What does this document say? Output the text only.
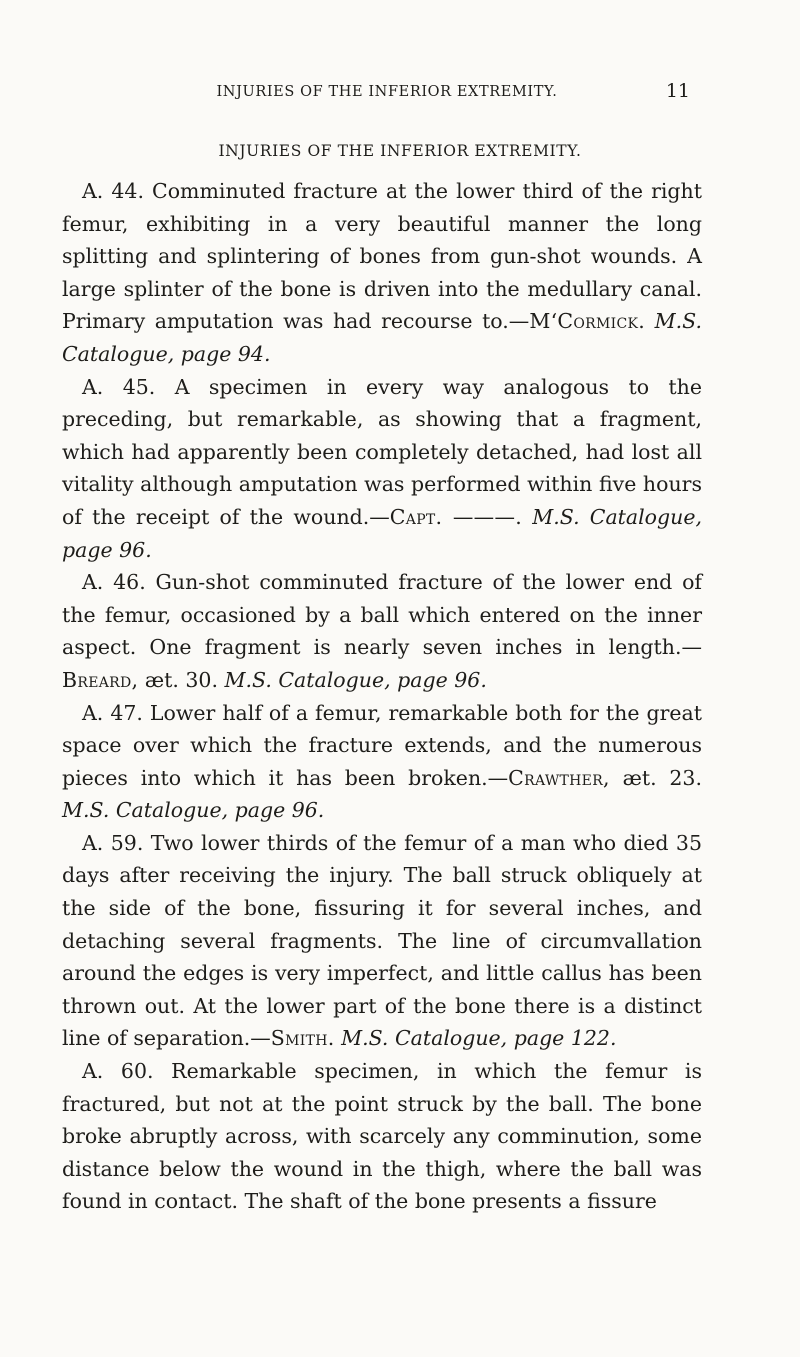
INJURIES OF THE INFERIOR EXTREMITY.	11
INJURIES OF THE INFERIOR EXTREMITY.

A. 44. Comminuted fracture at the lower third of the right femur, exhibiting in a very beautiful manner the long splitting and splintering of bones from gun-shot wounds. A large splinter of the bone is driven into the medullary canal. Primary amputation was had recourse to.—M‘Cormick. M.S. Catalogue, page 94.

A. 45. A specimen in every way analogous to the preceding, but remarkable, as showing that a fragment, which had apparently been completely detached, had lost all vitality although amputation was performed within five hours of the receipt of the wound.—Capt. ———. M.S. Catalogue, page 96.

A. 46. Gun-shot comminuted fracture of the lower end of the femur, occasioned by a ball which entered on the inner aspect. One fragment is nearly seven inches in length.—Breard, æt. 30. M.S. Catalogue, page 96.

A. 47. Lower half of a femur, remarkable both for the great space over which the fracture extends, and the numerous pieces into which it has been broken.—Crawther, æt. 23. M.S. Catalogue, page 96.

A. 59. Two lower thirds of the femur of a man who died 35 days after receiving the injury. The ball struck obliquely at the side of the bone, fissuring it for several inches, and detaching several fragments. The line of circumvallation around the edges is very imperfect, and little callus has been thrown out. At the lower part of the bone there is a distinct line of separation.—Smith. M.S. Catalogue, page 122.

A. 60. Remarkable specimen, in which the femur is fractured, but not at the point struck by the ball. The bone broke abruptly across, with scarcely any comminution, some distance below the wound in the thigh, where the ball was found in contact. The shaft of the bone presents a fissure
